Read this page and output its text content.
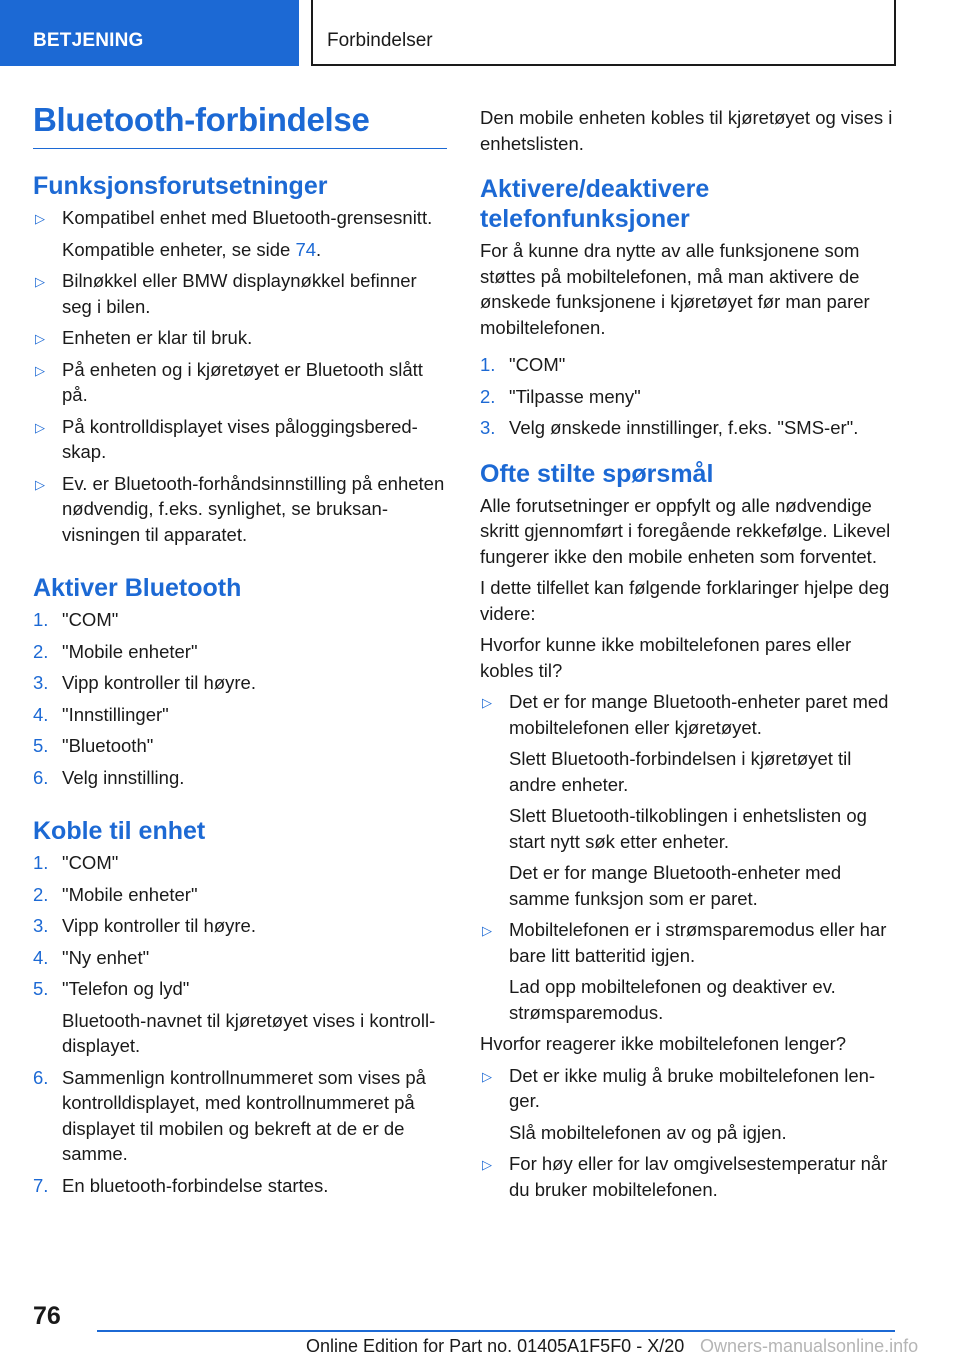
BETJENING	Forbindelser
Bluetooth-forbindelse
Funksjonsforutsetninger
▷ Kompatibel enhet med Bluetooth-grensesnitt.
Kompatible enheter, se side 74.
▷ Bilnøkkel eller BMW displaynøkkel befinner seg i bilen.
▷ Enheten er klar til bruk.
▷ På enheten og i kjøretøyet er Bluetooth slått på.
▷ På kontrolldisplayet vises påloggingsberedskap.
▷ Ev. er Bluetooth-forhåndsinnstilling på enheten nødvendig, f.eks. synlighet, se bruksanvisningen til apparatet.
Aktiver Bluetooth
1. "COM"
2. "Mobile enheter"
3. Vipp kontroller til høyre.
4. "Innstillinger"
5. "Bluetooth"
6. Velg innstilling.
Koble til enhet
1. "COM"
2. "Mobile enheter"
3. Vipp kontroller til høyre.
4. "Ny enhet"
5. "Telefon og lyd"
Bluetooth-navnet til kjøretøyet vises i kontrolldisplayet.
6. Sammenlign kontrollnummeret som vises på kontrolldisplayet, med kontrollnummeret på displayet til mobilen og bekreft at de er de samme.
7. En bluetooth-forbindelse startes.

Den mobile enheten kobles til kjøretøyet og vises i enhetslisten.

Aktivere/deaktivere telefonfunksjoner

For å kunne dra nytte av alle funksjonene som støttes på mobiltelefonen, må man aktivere de ønskede funksjonene i kjøretøyet før man parer mobiltelefonen.

1. "COM"
2. "Tilpasse meny"
3. Velg ønskede innstillinger, f.eks. "SMS-er".
Ofte stilte spørsmål

Alle forutsetninger er oppfylt og alle nødvendige skritt gjennomført i foregående rekkefølge. Likevel fungerer ikke den mobile enheten som forventet.

I dette tilfellet kan følgende forklaringer hjelpe deg videre:

Hvorfor kunne ikke mobiltelefonen pares eller kobles til?

▷ Det er for mange Bluetooth-enheter paret med mobiltelefonen eller kjøretøyet.
Slett Bluetooth-forbindelsen i kjøretøyet til andre enheter.
Slett Bluetooth-tilkoblingen i enhetslisten og start nytt søk etter enheter.
Det er for mange Bluetooth-enheter med samme funksjon som er paret.
▷ Mobiltelefonen er i strømsparemodus eller har bare litt batteritid igjen.
Lad opp mobiltelefonen og deaktiver ev. strømsparemodus.

Hvorfor reagerer ikke mobiltelefonen lenger?

▷ Det er ikke mulig å bruke mobiltelefonen lenger.
Slå mobiltelefonen av og på igjen.
▷ For høy eller for lav omgivelsestemperatur når du bruker mobiltelefonen.
76
Online Edition for Part no. 01405A1F5F0 - X/20 Owners-manualsonline.info
